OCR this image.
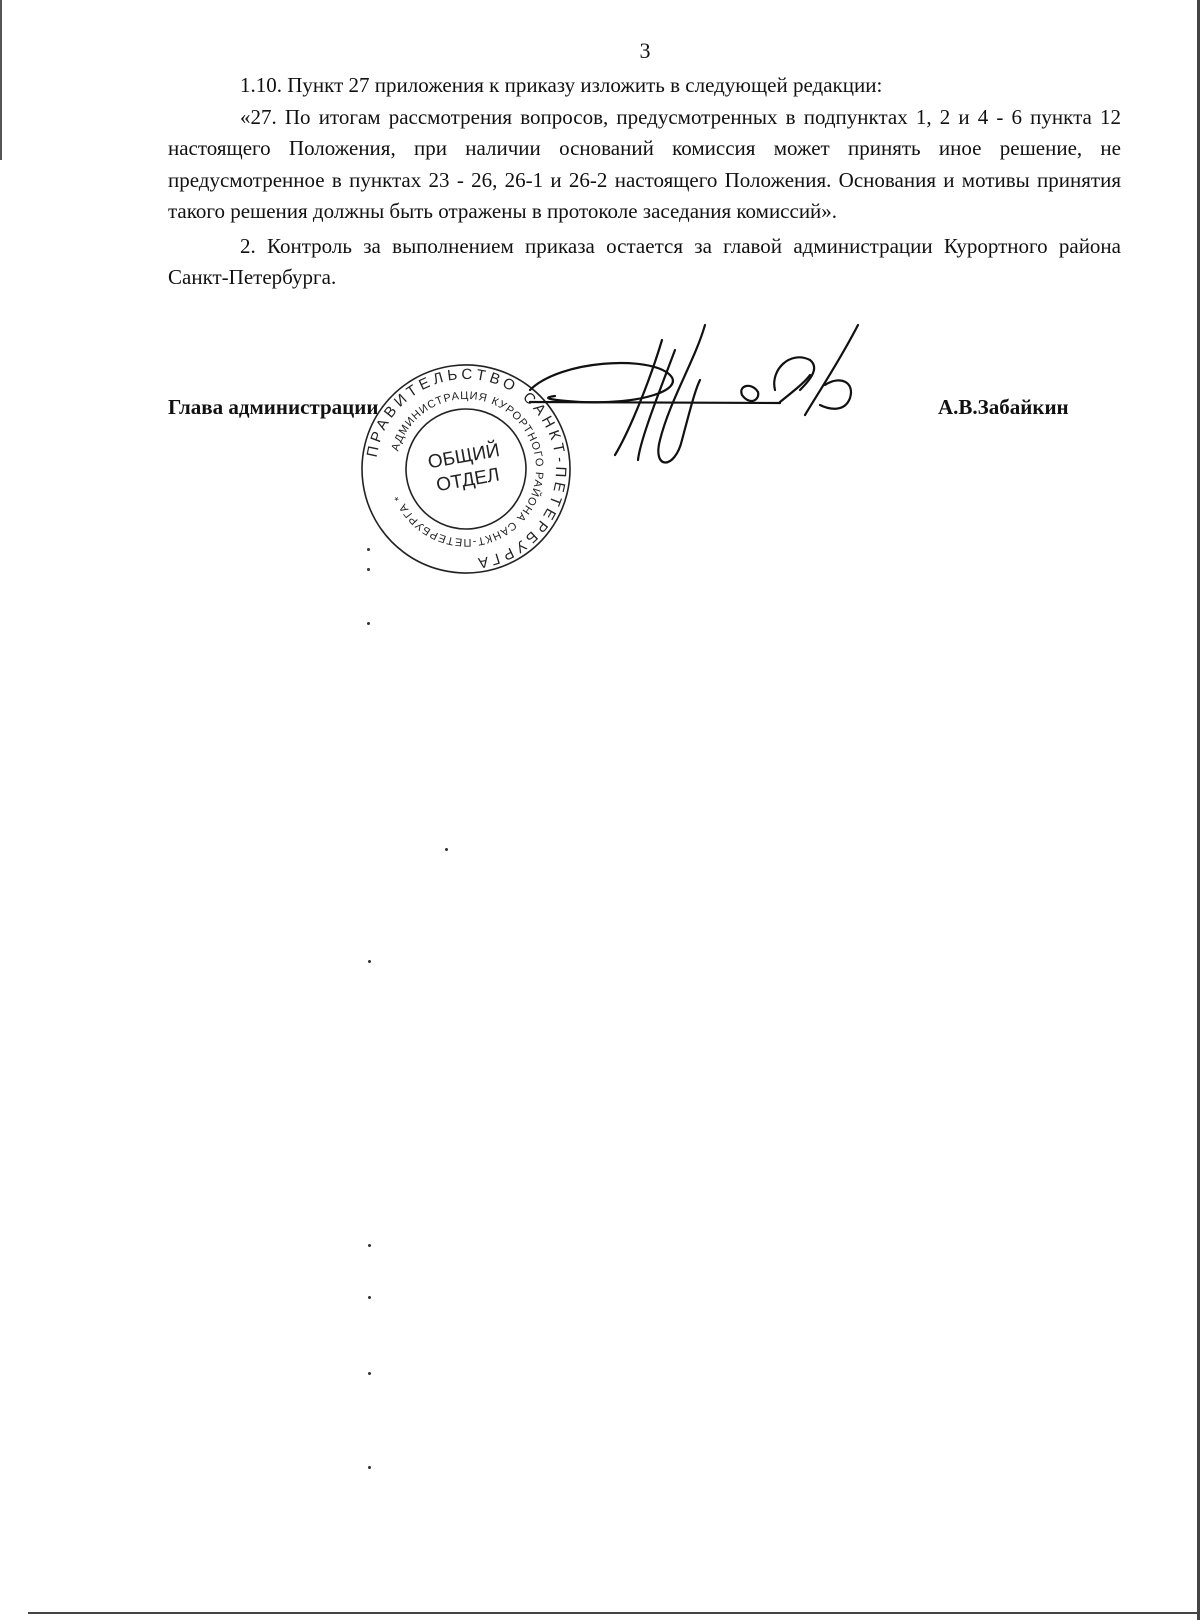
3

1.10. Пункт 27 приложения к приказу изложить в следующей редакции:

«27. По итогам рассмотрения вопросов, предусмотренных в подпунктах 1, 2 и 4 - 6 пункта 12 настоящего Положения, при наличии оснований комиссия может принять иное решение, не предусмотренное в пунктах 23 - 26, 26-1 и 26-2 настоящего Положения. Основания и мотивы принятия такого решения должны быть отражены в протоколе заседания комиссий».

2. Контроль за выполнением приказа остается за главой администрации Курортного района Санкт-Петербурга.

Глава администрации	А.В.Забайкин
ПРАВИТЕЛЬСТВО САНКТ-ПЕТЕРБУРГА
АДМИНИСТРАЦИЯ КУРОРТНОГО РАЙОНА САНКТ-ПЕТЕРБУРГА *
ОБЩИЙ
ОТДЕЛ
